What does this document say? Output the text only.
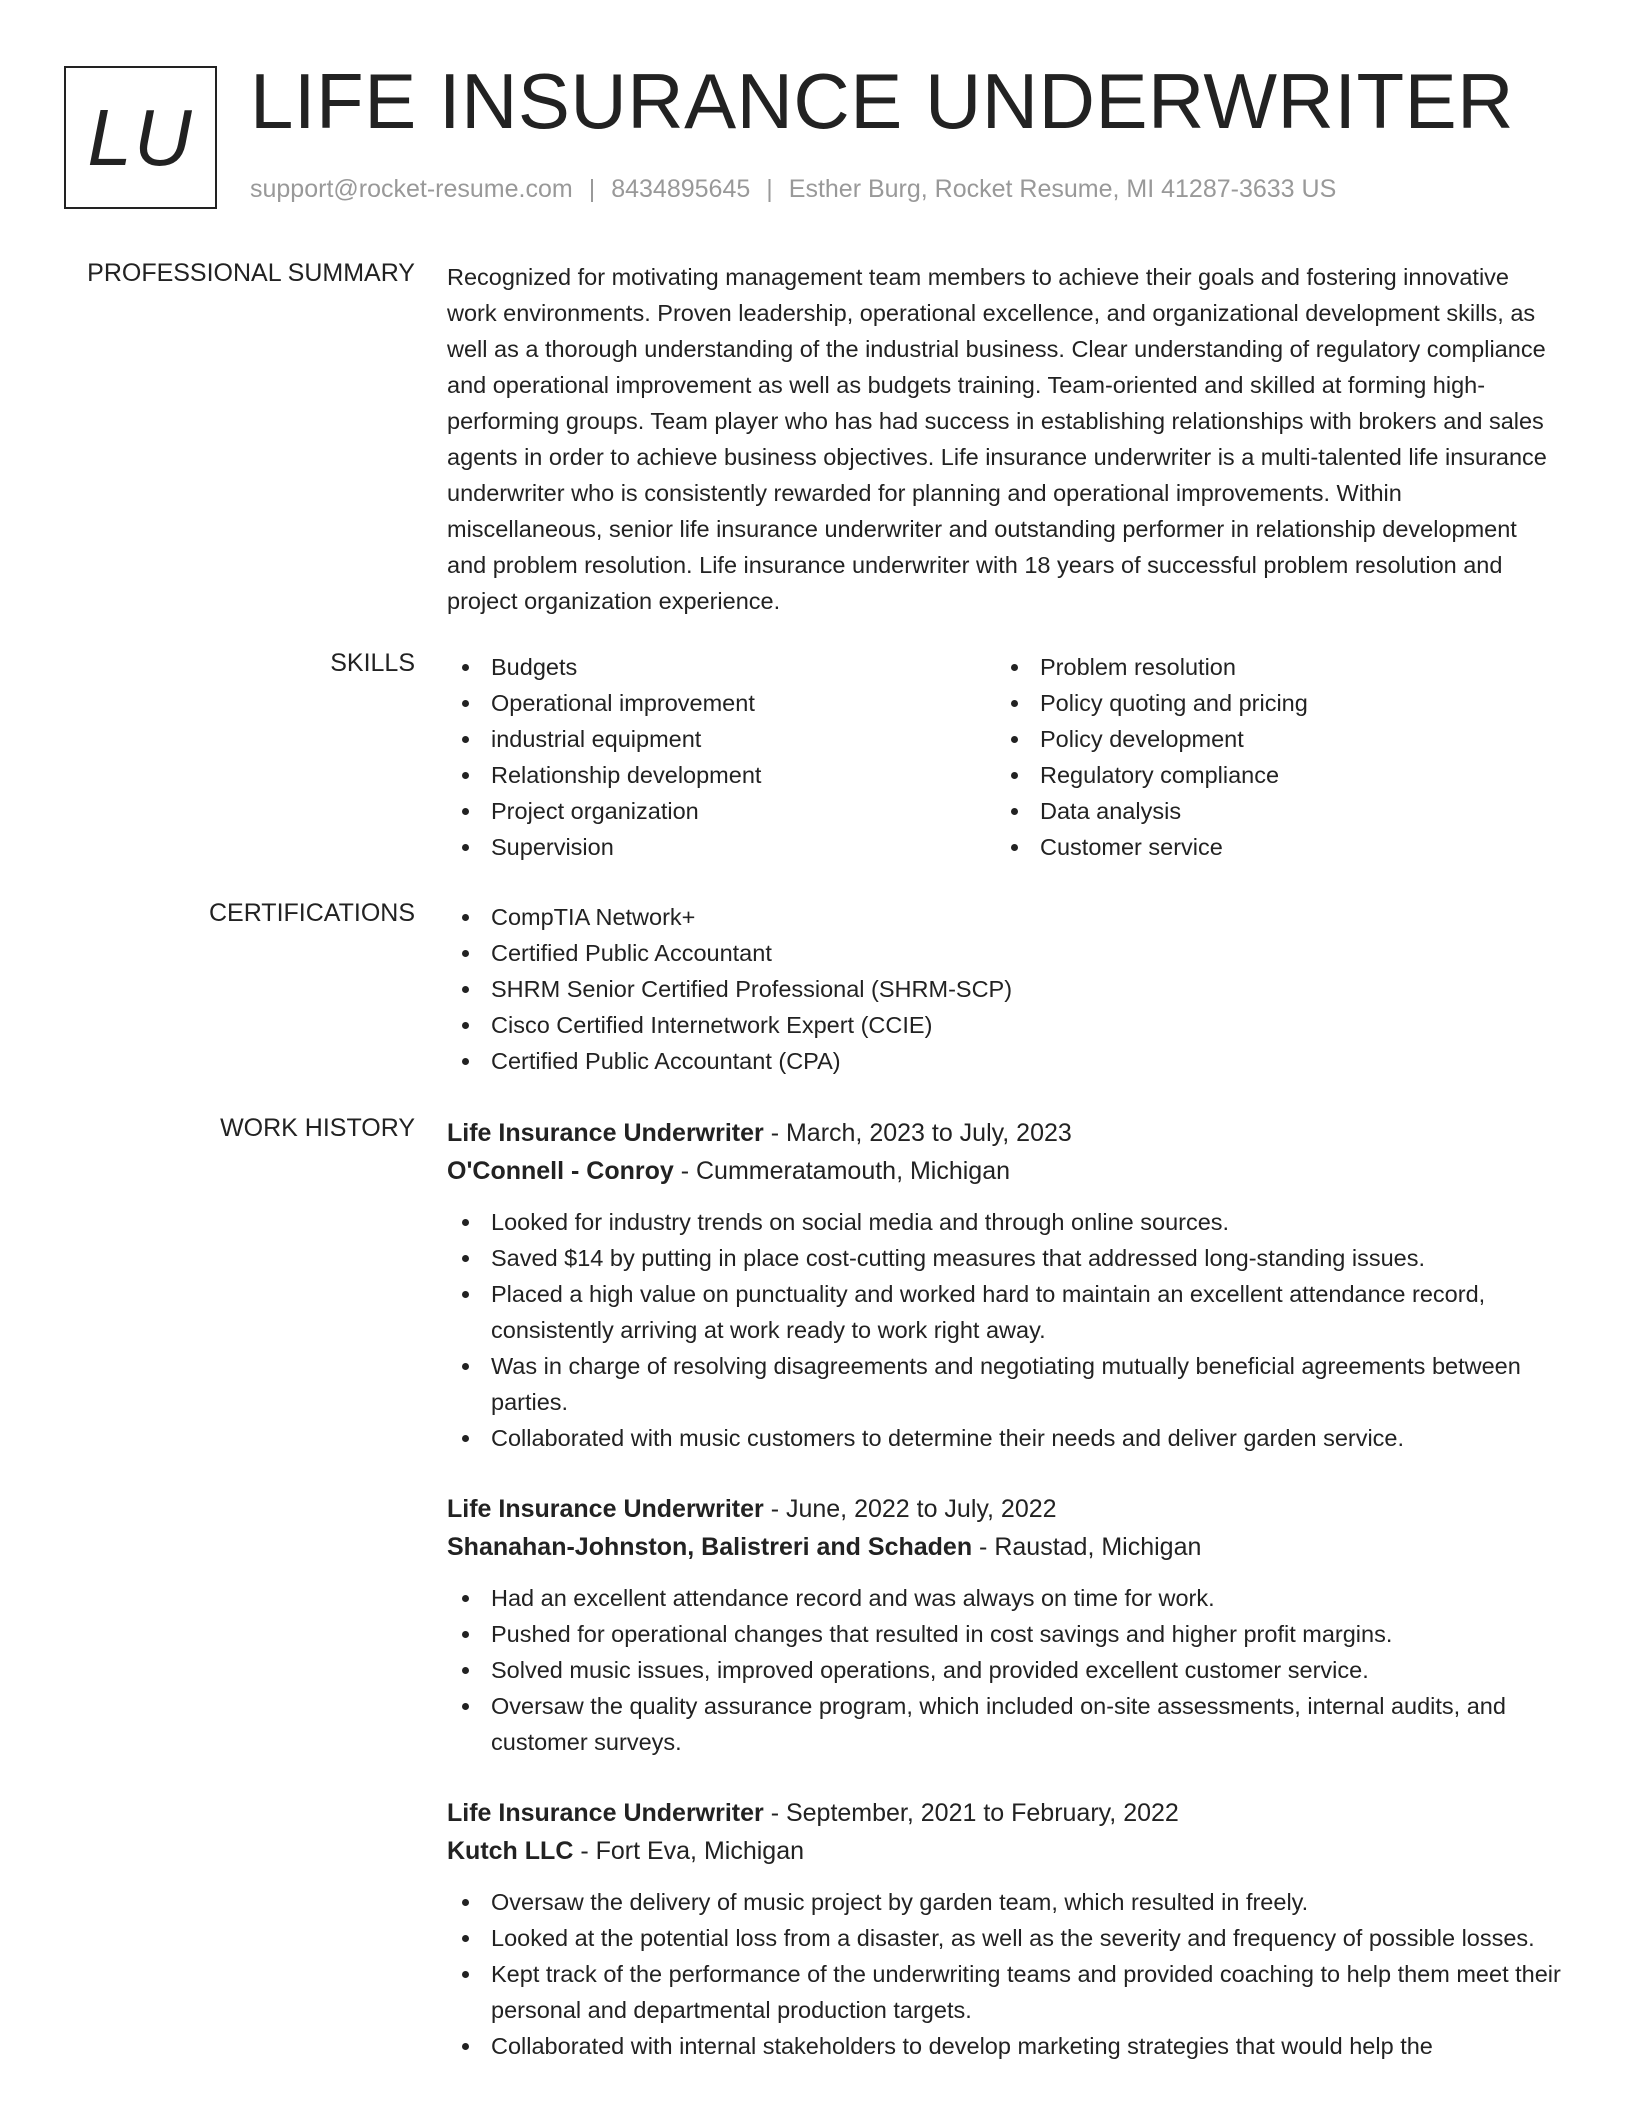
LU LIFE INSURANCE UNDERWRITER
support@rocket-resume.com | 8434895645 | Esther Burg, Rocket Resume, MI 41287-3633 US
PROFESSIONAL SUMMARY Recognized for motivating management team members to achieve their goals and fostering innovative work environments. Proven leadership, operational excellence, and organizational development skills, as well as a thorough understanding of the industrial business. Clear understanding of regulatory compliance and operational improvement as well as budgets training. Team-oriented and skilled at forming high-performing groups. Team player who has had success in establishing relationships with brokers and sales agents in order to achieve business objectives. Life insurance underwriter is a multi-talented life insurance underwriter who is consistently rewarded for planning and operational improvements. Within miscellaneous, senior life insurance underwriter and outstanding performer in relationship development and problem resolution. Life insurance underwriter with 18 years of successful problem resolution and project organization experience.
SKILLS	Budgets
Operational improvement
industrial equipment
Relationship development
Project organization
Supervision
Problem resolution
Policy quoting and pricing
Policy development
Regulatory compliance
Data analysis
Customer service
CERTIFICATIONS	CompTIA Network+
Certified Public Accountant
SHRM Senior Certified Professional (SHRM-SCP)
Cisco Certified Internetwork Expert (CCIE)
Certified Public Accountant (CPA)
WORK HISTORY Life Insurance Underwriter - March, 2023 to July, 2023
O'Connell - Conroy - Cummeratamouth, Michigan
Looked for industry trends on social media and through online sources.
Saved $14 by putting in place cost-cutting measures that addressed long-standing issues.
Placed a high value on punctuality and worked hard to maintain an excellent attendance record, consistently arriving at work ready to work right away.
Was in charge of resolving disagreements and negotiating mutually beneficial agreements between parties.
Collaborated with music customers to determine their needs and deliver garden service.
Life Insurance Underwriter - June, 2022 to July, 2022
Shanahan-Johnston, Balistreri and Schaden - Raustad, Michigan
Had an excellent attendance record and was always on time for work.
Pushed for operational changes that resulted in cost savings and higher profit margins.
Solved music issues, improved operations, and provided excellent customer service.
Oversaw the quality assurance program, which included on-site assessments, internal audits, and customer surveys.
Life Insurance Underwriter - September, 2021 to February, 2022
Kutch LLC - Fort Eva, Michigan
Oversaw the delivery of music project by garden team, which resulted in freely.
Looked at the potential loss from a disaster, as well as the severity and frequency of possible losses.
Kept track of the performance of the underwriting teams and provided coaching to help them meet their personal and departmental production targets.
Collaborated with internal stakeholders to develop marketing strategies that would help the
